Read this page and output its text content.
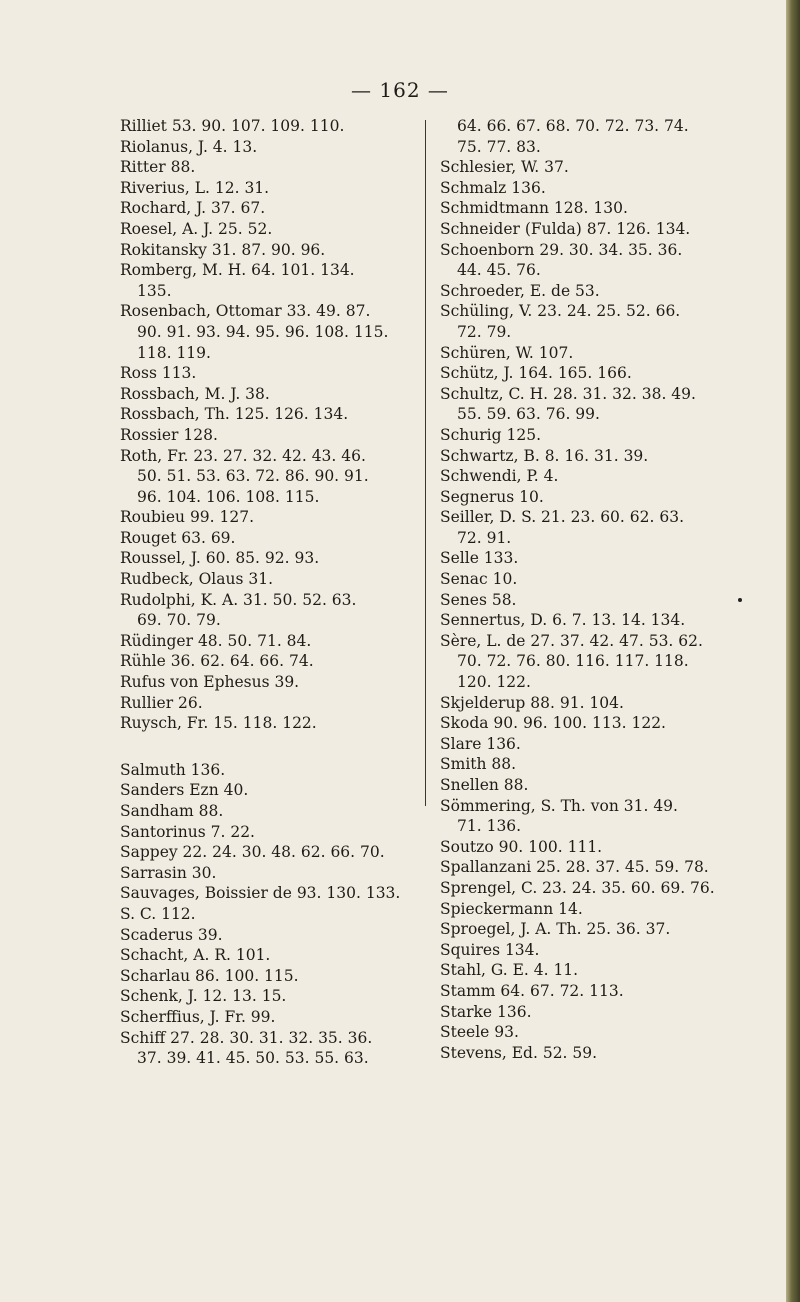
— 162 —
Rilliet 53. 90. 107. 109. 110.
Riolanus, J. 4. 13.
Ritter 88.
Riverius, L. 12. 31.
Rochard, J. 37. 67.
Roesel, A. J. 25. 52.
Rokitansky 31. 87. 90. 96.
Romberg, M. H. 64. 101. 134.
135.
Rosenbach, Ottomar 33. 49. 87.
90. 91. 93. 94. 95. 96. 108. 115.
118. 119.
Ross 113.
Rossbach, M. J. 38.
Rossbach, Th. 125. 126. 134.
Rossier 128.
Roth, Fr. 23. 27. 32. 42. 43. 46.
50. 51. 53. 63. 72. 86. 90. 91.
96. 104. 106. 108. 115.
Roubieu 99. 127.
Rouget 63. 69.
Roussel, J. 60. 85. 92. 93.
Rudbeck, Olaus 31.
Rudolphi, K. A. 31. 50. 52. 63.
69. 70. 79.
Rüdinger 48. 50. 71. 84.
Rühle 36. 62. 64. 66. 74.
Rufus von Ephesus 39.
Rullier 26.
Ruysch, Fr. 15. 118. 122.
Salmuth 136.
Sanders Ezn 40.
Sandham 88.
Santorinus 7. 22.
Sappey 22. 24. 30. 48. 62. 66. 70.
Sarrasin 30.
Sauvages, Boissier de 93. 130. 133.
S. C. 112.
Scaderus 39.
Schacht, A. R. 101.
Scharlau 86. 100. 115.
Schenk, J. 12. 13. 15.
Scherffius, J. Fr. 99.
Schiff 27. 28. 30. 31. 32. 35. 36.
37. 39. 41. 45. 50. 53. 55. 63.
64. 66. 67. 68. 70. 72. 73. 74.
75. 77. 83.
Schlesier, W. 37.
Schmalz 136.
Schmidtmann 128. 130.
Schneider (Fulda) 87. 126. 134.
Schoenborn 29. 30. 34. 35. 36.
44. 45. 76.
Schroeder, E. de 53.
Schüling, V. 23. 24. 25. 52. 66.
72. 79.
Schüren, W. 107.
Schütz, J. 164. 165. 166.
Schultz, C. H. 28. 31. 32. 38. 49.
55. 59. 63. 76. 99.
Schurig 125.
Schwartz, B. 8. 16. 31. 39.
Schwendi, P. 4.
Segnerus 10.
Seiller, D. S. 21. 23. 60. 62. 63.
72. 91.
Selle 133.
Senac 10.
Senes 58.
Sennertus, D. 6. 7. 13. 14. 134.
Sère, L. de 27. 37. 42. 47. 53. 62.
70. 72. 76. 80. 116. 117. 118.
120. 122.
Skjelderup 88. 91. 104.
Skoda 90. 96. 100. 113. 122.
Slare 136.
Smith 88.
Snellen 88.
Sömmering, S. Th. von 31. 49.
71. 136.
Soutzo 90. 100. 111.
Spallanzani 25. 28. 37. 45. 59. 78.
Sprengel, C. 23. 24. 35. 60. 69. 76.
Spieckermann 14.
Sproegel, J. A. Th. 25. 36. 37.
Squires 134.
Stahl, G. E. 4. 11.
Stamm 64. 67. 72. 113.
Starke 136.
Steele 93.
Stevens, Ed. 52. 59.
